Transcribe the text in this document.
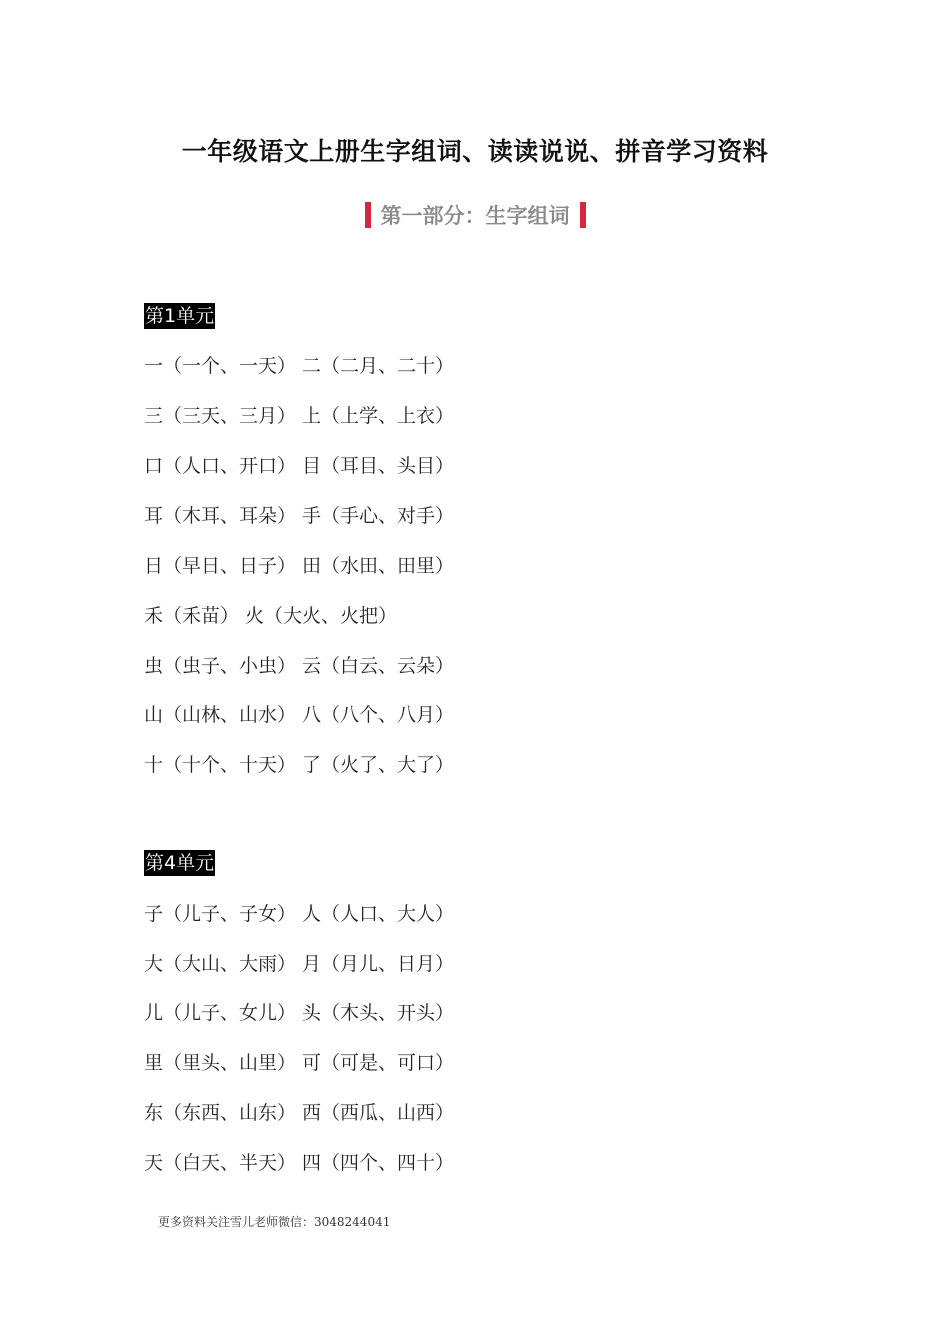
一年级语文上册生字组词、读读说说、拼音学习资料
第一部分：生字组词
第1单元
一（一个、一天） 二（二月、二十）
三（三天、三月） 上（上学、上衣）
口（人口、开口） 目（耳目、头目）
耳（木耳、耳朵） 手（手心、对手）
日（早日、日子） 田（水田、田里）
禾（禾苗） 火（大火、火把）
虫（虫子、小虫） 云（白云、云朵）
山（山林、山水） 八（八个、八月）
十（十个、十天） 了（火了、大了）
第4单元
子（儿子、子女） 人（人口、大人）
大（大山、大雨） 月（月儿、日月）
儿（儿子、女儿） 头（木头、开头）
里（里头、山里） 可（可是、可口）
东（东西、山东） 西（西瓜、山西）
天（白天、半天） 四（四个、四十）
更多资料关注雪儿老师微信：3048244041
